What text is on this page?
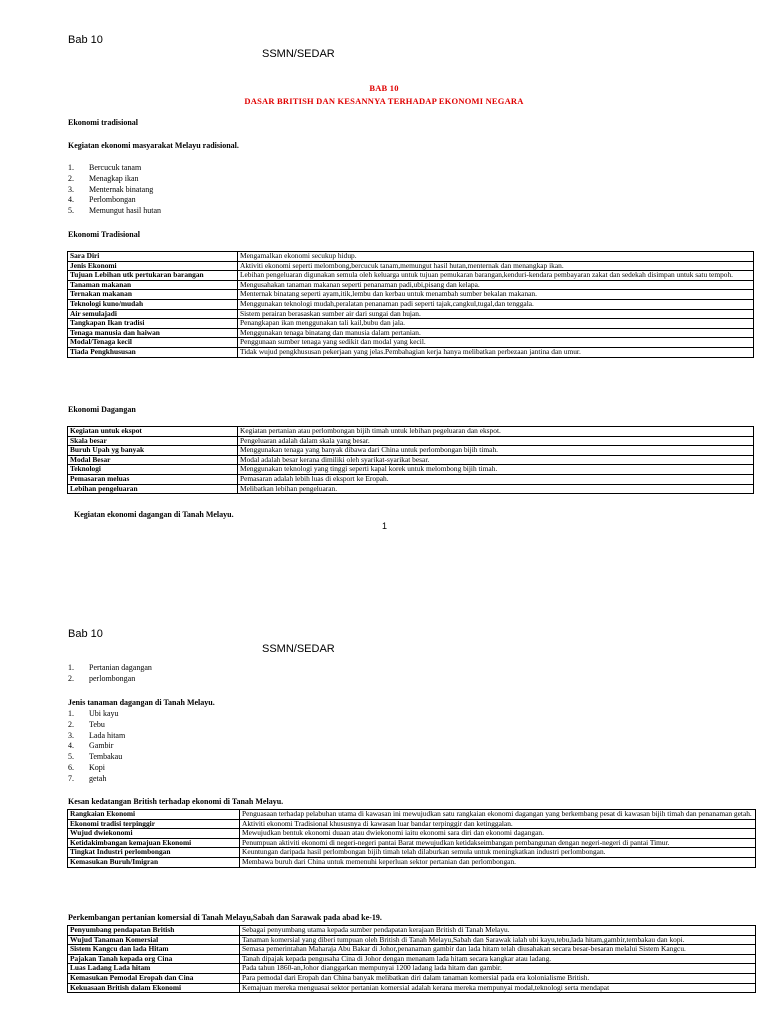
Bab 10
SSMN/SEDAR
BAB 10
DASAR BRITISH DAN KESANNYA TERHADAP EKONOMI NEGARA
Ekonomi tradisional
Kegiatan ekonomi masyarakat Melayu radisional.
1. Bercucuk tanam
2. Menagkap ikan
3. Menternak binatang
4. Perlombongan
5. Memungut hasil hutan
Ekonomi Tradisional
Sara Diri	Mengamalkan ekonomi secukup hidup.
Jenis Ekonomi	Aktiviti ekonomi seperti melombong,bercucuk tanam,memungut hasil hutan,menternak dan menangkap ikan.
Tujuan Lebihan utk pertukaran barangan	Lebihan pengeluaran digunakan semula oleh keluarga untuk tujuan pemukaran barangan,kenduri-kendara pembayaran zakat dan sedekah disimpan untuk satu tempoh.
Tanaman makanan	Mengusahakan tanaman makanan seperti penanaman padi,ubi,pisang dan kelapa.
Ternakan makanan	Menternak binatang seperti ayam,itik,lembu dan kerbau untuk menambah sumber bekalan makanan.
Teknologi kuno/mudah	Menggunakan teknologi mudah,peralatan penanaman padi seperti tajak,cangkul,tugal,dan tenggala.
Air semulajadi	Sistem perairan berasaskan sumber air dari sungai dan hujan.
Tangkapan Ikan tradisi	Penangkapan ikan menggunakan tali kail,bubu dan jala.
Tenaga manusia dan haiwan	Menggunakan tenaga binatang dan manusia dalam pertanian.
Modal/Tenaga kecil	Penggunaan sumber tenaga yang sedikit dan modal yang kecil.
Tiada Pengkhususan	Tidak wujud pengkhususan pekerjaan yang jelas.Pembahagian kerja hanya melibatkan perbezaan jantina dan umur.
Ekonomi Dagangan
Kegiatan untuk ekspot	Kegiatan pertanian atau perlombongan bijih timah untuk lebihan pegeluaran dan ekspot.
Skala besar	Pengeluaran adalah dalam skala yang besar.
Buruh Upah yg banyak	Menggunakan tenaga yang banyak dibawa dari China untuk perlombongan bijih timah.
Modal Besar	Modal adalah besar kerana dimiliki oleh syarikat-syarikat besar.
Teknologi	Menggunakan teknologi yang tinggi seperti kapal korek untuk melombong bijih timah.
Pemasaran meluas	Pemasaran adalah lebih luas di eksport ke Eropah.
Lebihan pengeluaran	Melibatkan lebihan pengeluaran.
Kegiatan ekonomi dagangan di Tanah Melayu.
1
Bab 10
SSMN/SEDAR
1. Pertanian dagangan
2. perlombongan
Jenis tanaman dagangan di Tanah Melayu.
1. Ubi kayu
2. Tebu
3. Lada hitam
4. Gambir
5. Tembakau
6. Kopi
7. getah
Kesan kedatangan British terhadap ekonomi di Tanah Melayu.
Rangkaian Ekonomi	Penguasaan terhadap pelabuhan utama di kawasan ini mewujudkan satu rangkaian ekonomi dagangan yang berkembang pesat di kawasan bijih timah dan penanaman getah.
Ekonomi tradisi terpinggir	Aktiviti ekonomi Tradisional khususnya di kawasan luar bandar terpinggir dan ketinggalan.
Wujud dwiekonomi	Mewujudkan bentuk ekonomi duaan atau dwiekonomi iaitu ekonomi sara diri dan ekonomi dagangan.
Ketidakimbangan kemajuan Ekonomi	Penumpuan aktiviti ekonomi di negeri-negeri pantai Barat mewujudkan ketidakseimbangan pembangunan dengan negeri-negeri di pantai Timur.
Tingkat Industri perlombongan	Keuntungan daripada hasil perlombongan bijih timah telah dilaburkan semula untuk meningkatkan industri perlombongan.
Kemasukan Buruh/Imigran	Membawa buruh dari China untuk memenuhi keperluan sektor pertanian dan perlombongan.
Perkembangan pertanian komersial di Tanah Melayu,Sabah dan Sarawak pada abad ke-19.
Penyumbang pendapatan British	Sebagai penyumbang utama kepada sumber pendapatan kerajaan British di Tanah Melayu.
Wujud Tanaman Komersial	Tanaman komersial yang diberi tumpuan oleh British di Tanah Melayu,Sabah dan Sarawak ialah ubi kayu,tebu,lada hitam,gambir,tembakau dan kopi.
Sistem Kangcu dan lada Hitam	Semasa pemerintahan Maharaja Abu Bakar di Johor,penanaman gambir dan lada hitam telah diusahakan secara besar-besaran melalui Sistem Kangcu.
Pajakan Tanah kepada org Cina	Tanah dipajak kepada pengusaha Cina di Johor dengan menanam lada hitam secara kangkar atau ladang.
Luas Ladang Lada hitam	Pada tahun 1860-an,Johor dianggarkan mempunyai 1200 ladang lada hitam dan gambir.
Kemasukan Pemodal Eropah dan Cina	Para pemodal dari Eropah dan China banyak melibatkan diri dalam tanaman komersial pada era kolonialisme British.
Kekuasaan British dalam Ekonomi	Kemajuan mereka menguasai sektor pertanian komersial adalah kerana mereka mempunyai modal,teknologi serta mendapat
